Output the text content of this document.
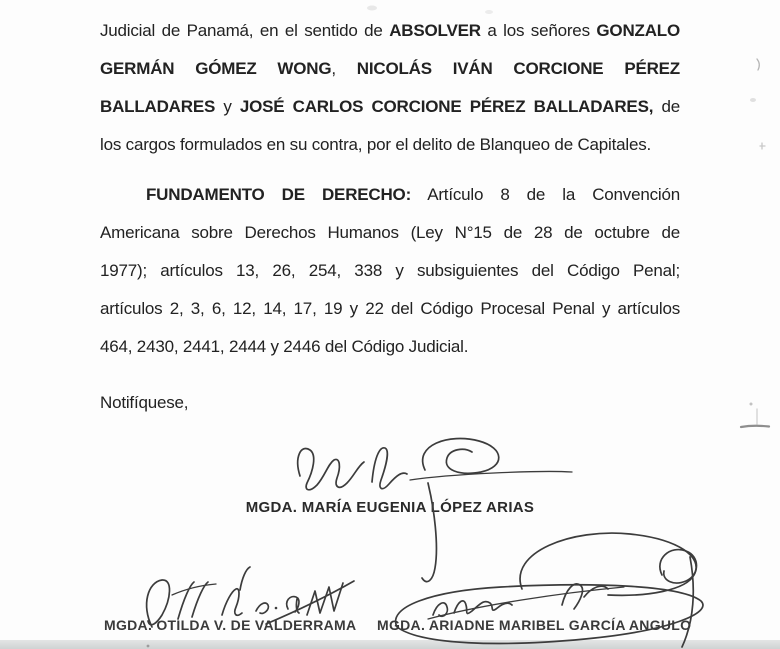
Judicial de Panamá, en el sentido de ABSOLVER a los señores GONZALO
GERMÁN GÓMEZ WONG, NICOLÁS IVÁN CORCIONE PÉREZ
BALLADARES y JOSÉ CARLOS CORCIONE PÉREZ BALLADARES, de
los cargos formulados en su contra, por el delito de Blanqueo de Capitales.
FUNDAMENTO DE DERECHO: Artículo 8 de la Convención
Americana sobre Derechos Humanos (Ley N°15 de 28 de octubre de
1977); artículos 13, 26, 254, 338 y subsiguientes del Código Penal;
artículos 2, 3, 6, 12, 14, 17, 19 y 22 del Código Procesal Penal y artículos
464, 2430, 2441, 2444 y 2446 del Código Judicial.
Notifíquese,
MGDA. MARÍA EUGENIA LÓPEZ ARIAS
MGDA. OTILDA V. DE VALDERRAMA MGDA. ARIADNE MARIBEL GARCÍA ANGULO
